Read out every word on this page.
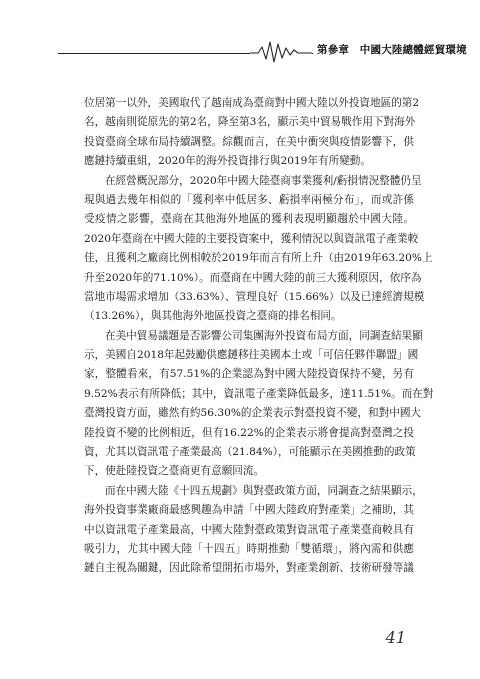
第參章　中國大陸總體經貿環境
位居第一以外，美國取代了越南成為臺商對中國大陸以外投資地區的第2
名，越南則從原先的第2名，降至第3名，顯示美中貿易戰作用下對海外
投資臺商全球布局持續調整。綜觀而言，在美中衝突與疫情影響下，供
應鏈持續重組，2020年的海外投資排行與2019年有所變動。
在經營概況部分，2020年中國大陸臺商事業獲利/虧損情況整體仍呈
現與過去幾年相似的「獲利率中低居多、虧損率兩極分布」，而或許係
受疫情之影響，臺商在其他海外地區的獲利表現明顯趨於中國大陸。
2020年臺商在中國大陸的主要投資案中，獲利情況以與資訊電子產業較
佳，且獲利之廠商比例相較於2019年而言有所上升（由2019年63.20%上
升至2020年的71.10%）。而臺商在中國大陸的前三大獲利原因，依序為
當地市場需求增加（33.63%）、管理良好（15.66%）以及已達經濟規模
（13.26%），與其他海外地區投資之臺商的排名相同。
在美中貿易議題是否影響公司集團海外投資布局方面，同調查結果顯
示，美國自2018年起鼓勵供應鏈移往美國本土或「可信任夥伴聯盟」國
家，整體看來，有57.51%的企業認為對中國大陸投資保持不變，另有
9.52%表示有所降低；其中，資訊電子產業降低最多，達11.51%。而在對
臺灣投資方面，雖然有約56.30%的企業表示對臺投資不變，和對中國大
陸投資不變的比例相近，但有16.22%的企業表示將會提高對臺灣之投
資，尤其以資訊電子產業最高（21.84%），可能顯示在美國推動的政策
下，使赴陸投資之臺商更有意願回流。
而在中國大陸《十四五規劃》與對臺政策方面，同調查之結果顯示，
海外投資事業廠商最感興趣為申請「中國大陸政府對產業」之補助，其
中以資訊電子產業最高，中國大陸對臺政策對資訊電子產業臺商較具有
吸引力，尤其中國大陸「十四五」時期推動「雙循環」，將內需和供應
鏈自主視為關鍵，因此除希望開拓市場外，對產業創新、技術研發等議
41
